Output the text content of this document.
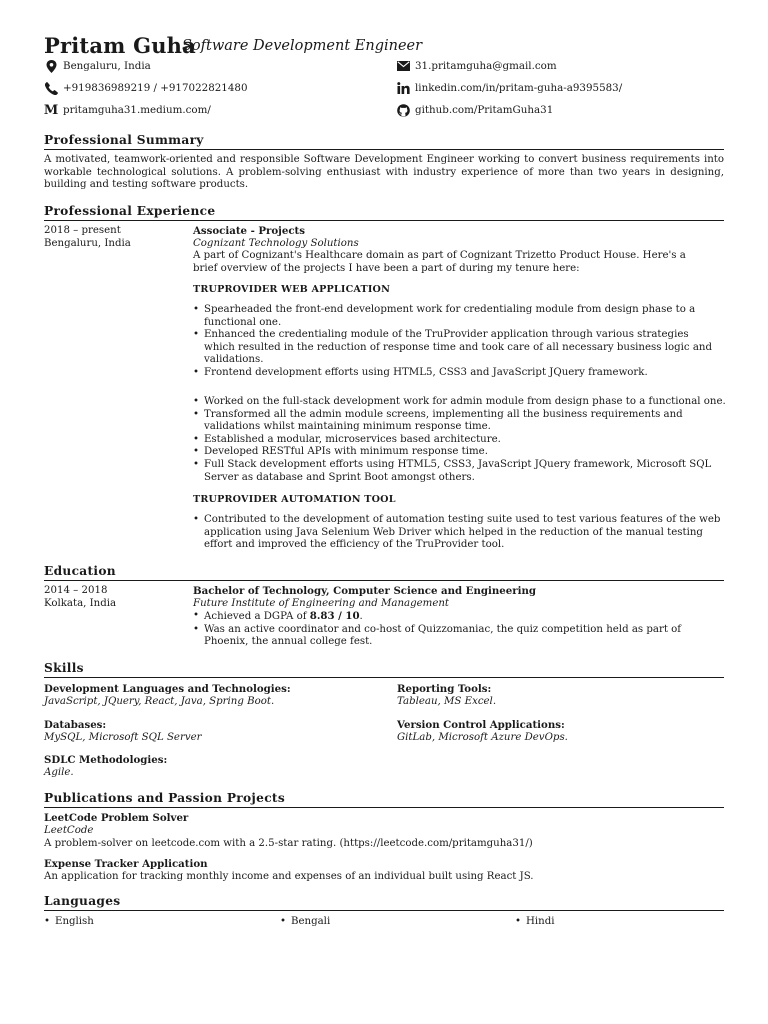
Pritam Guha
Software Development Engineer
Bengaluru, India	31.pritamguha@gmail.com
+919836989219 / +917022821480	linkedin.com/in/pritam-guha-a9395583/
M pritamguha31.medium.com/	github.com/PritamGuha31
Professional Summary
A motivated, teamwork-oriented and responsible Software Development Engineer working to convert business requirements into workable technological solutions. A problem-solving enthusiast with industry experience of more than two years in designing, building and testing software products.
Professional Experience
2018 – present
Bengaluru, India
Associate - Projects
Cognizant Technology Solutions
A part of Cognizant's Healthcare domain as part of Cognizant Trizetto Product House. Here's a brief overview of the projects I have been a part of during my tenure here:
TRUPROVIDER WEB APPLICATION
• Spearheaded the front-end development work for credentialing module from design phase to a functional one.
• Enhanced the credentialing module of the TruProvider application through various strategies which resulted in the reduction of response time and took care of all necessary business logic and validations.
• Frontend development efforts using HTML5, CSS3 and JavaScript JQuery framework.
• Worked on the full-stack development work for admin module from design phase to a functional one.
• Transformed all the admin module screens, implementing all the business requirements and validations whilst maintaining minimum response time.
• Established a modular, microservices based architecture.
• Developed RESTful APIs with minimum response time.
• Full Stack development efforts using HTML5, CSS3, JavaScript JQuery framework, Microsoft SQL Server as database and Sprint Boot amongst others.
TRUPROVIDER AUTOMATION TOOL
• Contributed to the development of automation testing suite used to test various features of the web application using Java Selenium Web Driver which helped in the reduction of the manual testing effort and improved the efficiency of the TruProvider tool.
Education
2014 – 2018
Kolkata, India
Bachelor of Technology, Computer Science and Engineering
Future Institute of Engineering and Management
• Achieved a DGPA of 8.83 / 10.
• Was an active coordinator and co-host of Quizzomaniac, the quiz competition held as part of Phoenix, the annual college fest.
Skills
Development Languages and Technologies:
JavaScript, JQuery, React, Java, Spring Boot.
Reporting Tools:
Tableau, MS Excel.
Databases:
MySQL, Microsoft SQL Server
Version Control Applications:
GitLab, Microsoft Azure DevOps.
SDLC Methodologies:
Agile.
Publications and Passion Projects
LeetCode Problem Solver
LeetCode
A problem-solver on leetcode.com with a 2.5-star rating. (https://leetcode.com/pritamguha31/)
Expense Tracker Application
An application for tracking monthly income and expenses of an individual built using React JS.
Languages
• English	• Bengali	• Hindi
